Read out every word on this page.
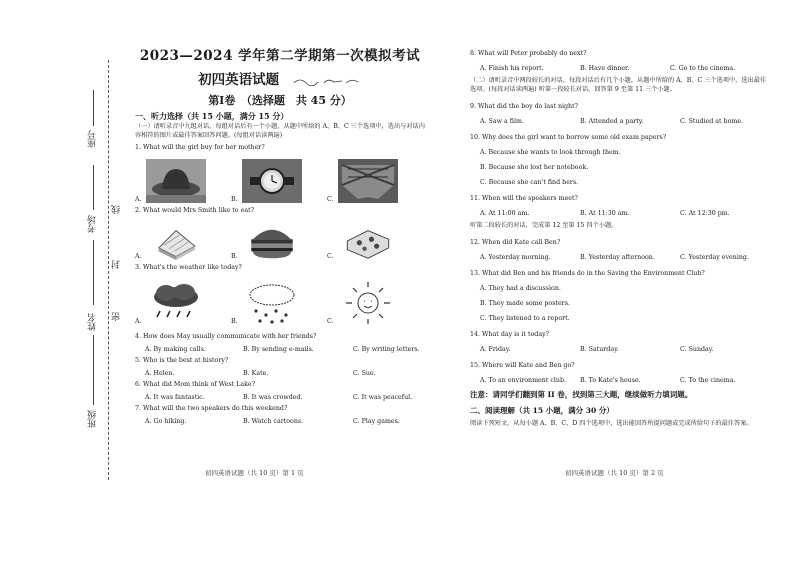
座号
线
考场
封
姓名 密
班级
2023—2024 学年第二学期第一次模拟考试
初四英语试题
第Ⅰ卷　（选择题　共 45 分）
一、听力选择（共 15 小题，满分 15 分）
（一）请听录音中九组对话，每组对话后有一个小题，从题中所给的 A、B、C 三个选项中，选出与对话内容相符的图片或最佳答案回答问题。(每组对话读两遍)
1. What will the girl buy for her mother?
A.	B.	C.
2. What would Mrs Smith like to eat?
A.	B.	C.
3. What's the weather like today?
A.	B.	C.
4. How does May usually communicate with her friends?
A. By making calls.	B. By sending e-mails.	C. By writing letters.
5. Who is the best at history?
A. Helen.	B. Kate.	C. Sue.
6. What did Mom think of West Lake?
A. It was fantastic.	B. It was crowded.	C. It was peaceful.
7. What will the two speakers do this weekend?
A. Go hiking.	B. Watch cartoons.	C. Play games.
8. What will Peter probably do next?
A. Finish his report.	B. Have dinner.	C. Go to the cinema.
（二）请听录音中两段较长的对话，每段对话后有几个小题，从题中所给的 A、B、C 三个选项中，选出最佳选项。(每段对话读两遍) 听第一段较长对话，回答第 9 至第 11 三个小题。
9. What did the boy do last night?
A. Saw a film.	B. Attended a party.	C. Studied at home.
10. Why does the girl want to borrow some old exam papers?
A. Because she wants to look through them.
B. Because she lost her notebook.
C. Because she can't find hers.
11. When will the speakers meet?
A. At 11:00 am.	B. At 11:30 am.	C. At 12:30 pm.
听第二段较长的对话，完成第 12 至第 15 四个小题。
12. When did Kate call Ben?
A. Yesterday morning.	B. Yesterday afternoon.	C. Yesterday evening.
13. What did Ben and his friends do in the Saving the Environment Club?
A. They had a discussion.
B. They made some posters.
C. They listened to a report.
14. What day is it today?
A. Friday.	B. Saturday.	C. Sunday.
15. Where will Kate and Ben go?
A. To an environment club.	B. To Kate's house.	C. To the cinema.
注意：请同学们翻到第 II 卷，找到第三大题，继续做听力填词题。
二、阅读理解（共 15 小题，满分 30 分）
阅读下列短文，从每小题 A、B、C、D 四个选项中，选出能回答所提问题或完成所给句子的最佳答案。
初四英语试题（共 10 页）第 1 页	初四英语试题（共 10 页）第 2 页
